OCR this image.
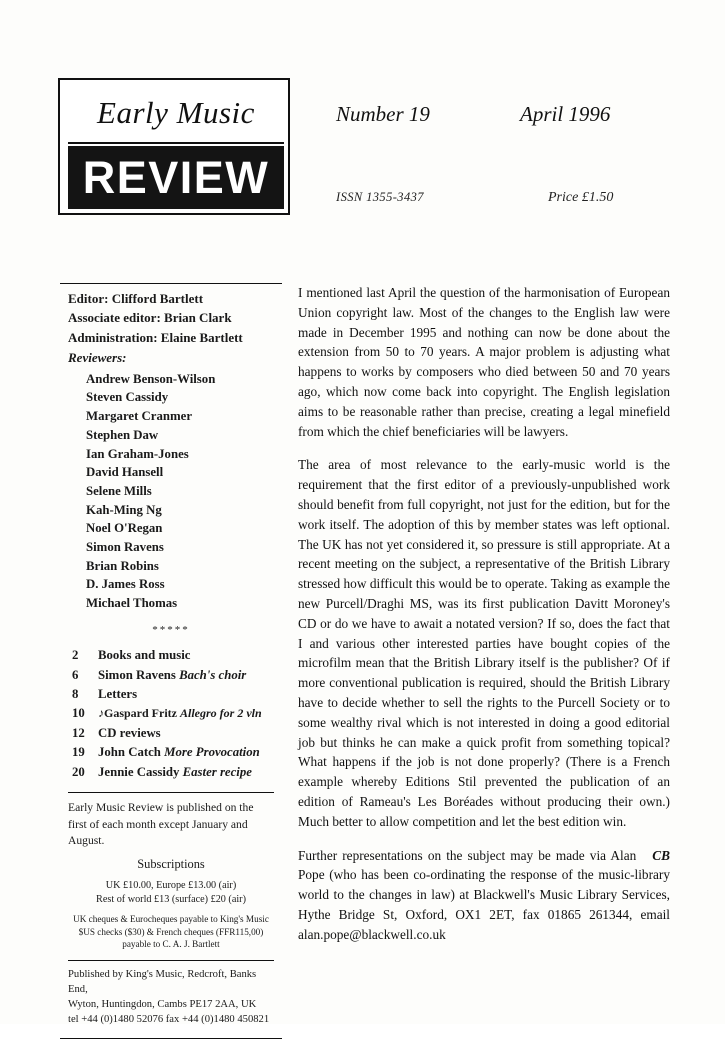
Early Music
REVIEW
Number 19	April 1996
ISSN 1355-3437	Price £1.50
Editor: Clifford Bartlett
Associate editor: Brian Clark
Administration: Elaine Bartlett
Reviewers:
Andrew Benson-Wilson
Steven Cassidy
Margaret Cranmer
Stephen Daw
Ian Graham-Jones
David Hansell
Selene Mills
Kah-Ming Ng
Noel O'Regan
Simon Ravens
Brian Robins
D. James Ross
Michael Thomas
*****
2	Books and music
6	Simon Ravens Bach's choir
8	Letters
10	♪Gaspard Fritz Allegro for 2 vln
12	CD reviews
19	John Catch More Provocation
20	Jennie Cassidy Easter recipe
Early Music Review is published on the first of each month except January and August.
Subscriptions
UK £10.00, Europe £13.00 (air)
Rest of world £13 (surface) £20 (air)
UK cheques & Eurocheques payable to King's Music
$US checks ($30) & French cheques (FFR115,00)
payable to C. A. J. Bartlett
Published by King's Music, Redcroft, Banks End,
Wyton, Huntingdon, Cambs PE17 2AA, UK
tel +44 (0)1480 52076 fax +44 (0)1480 450821

I mentioned last April the question of the harmonisation of European Union copyright law. Most of the changes to the English law were made in December 1995 and nothing can now be done about the extension from 50 to 70 years. A major problem is adjusting what happens to works by composers who died between 50 and 70 years ago, which now come back into copyright. The English legislation aims to be reasonable rather than precise, creating a legal minefield from which the chief beneficiaries will be lawyers.

The area of most relevance to the early-music world is the requirement that the first editor of a previously-unpublished work should benefit from full copyright, not just for the edition, but for the work itself. The adoption of this by member states was left optional. The UK has not yet considered it, so pressure is still appropriate. At a recent meeting on the subject, a representative of the British Library stressed how difficult this would be to operate. Taking as example the new Purcell/Draghi MS, was its first publication Davitt Moroney's CD or do we have to await a notated version? If so, does the fact that I and various other interested parties have bought copies of the microfilm mean that the British Library itself is the publisher? Of if more conventional publication is required, should the British Library have to decide whether to sell the rights to the Purcell Society or to some wealthy rival which is not interested in doing a good editorial job but thinks he can make a quick profit from something topical? What happens if the job is not done properly? (There is a French example whereby Editions Stil prevented the publication of an edition of Rameau's Les Boréades without producing their own.) Much better to allow competition and let the best edition win.

CB
Further representations on the subject may be made via Alan Pope (who has been co-ordinating the response of the music-library world to the changes in law) at Blackwell's Music Library Services, Hythe Bridge St, Oxford, OX1 2ET, fax 01865 261344, email alan.pope@blackwell.co.uk
